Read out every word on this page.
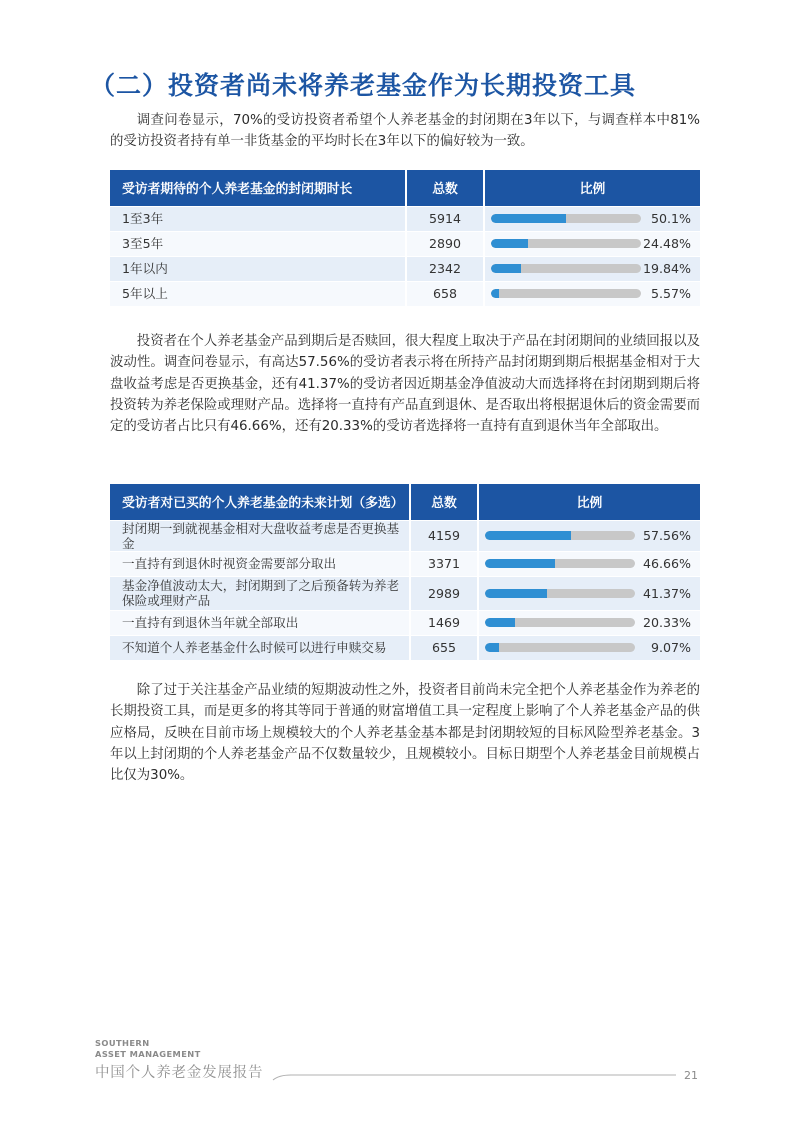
（二）投资者尚未将养老基金作为长期投资工具

调查问卷显示，70%的受访投资者希望个人养老基金的封闭期在3年以下，与调查样本中81%的受访投资者持有单一非货基金的平均时长在3年以下的偏好较为一致。

受访者期待的个人养老基金的封闭期时长	总数	比例
1至3年	5914	50.1%

3至5年	2890	24.48%

1年以内	2342	19.84%

5年以上	658	5.57%

投资者在个人养老基金产品到期后是否赎回，很大程度上取决于产品在封闭期间的业绩回报以及波动性。调查问卷显示，有高达57.56%的受访者表示将在所持产品封闭期到期后根据基金相对于大盘收益考虑是否更换基金，还有41.37%的受访者因近期基金净值波动大而选择将在封闭期到期后将投资转为养老保险或理财产品。选择将一直持有产品直到退休、是否取出将根据退休后的资金需要而定的受访者占比只有46.66%，还有20.33%的受访者选择将一直持有直到退休当年全部取出。

受访者对已买的个人养老基金的未来计划（多选）	总数	比例
封闭期一到就视基金相对大盘收益考虑是否更换基金	4159	57.56%

一直持有到退休时视资金需要部分取出	3371	46.66%

基金净值波动太大，封闭期到了之后预备转为养老保险或理财产品	2989	41.37%

一直持有到退休当年就全部取出	1469	20.33%

不知道个人养老基金什么时候可以进行申赎交易	655	9.07%

除了过于关注基金产品业绩的短期波动性之外，投资者目前尚未完全把个人养老基金作为养老的长期投资工具，而是更多的将其等同于普通的财富增值工具一定程度上影响了个人养老基金产品的供应格局，反映在目前市场上规模较大的个人养老基金基本都是封闭期较短的目标风险型养老基金。3年以上封闭期的个人养老基金产品不仅数量较少，且规模较小。目标日期型个人养老基金目前规模占比仅为30%。

SOUTHERN
ASSET MANAGEMENT
中国个人养老金发展报告	21
